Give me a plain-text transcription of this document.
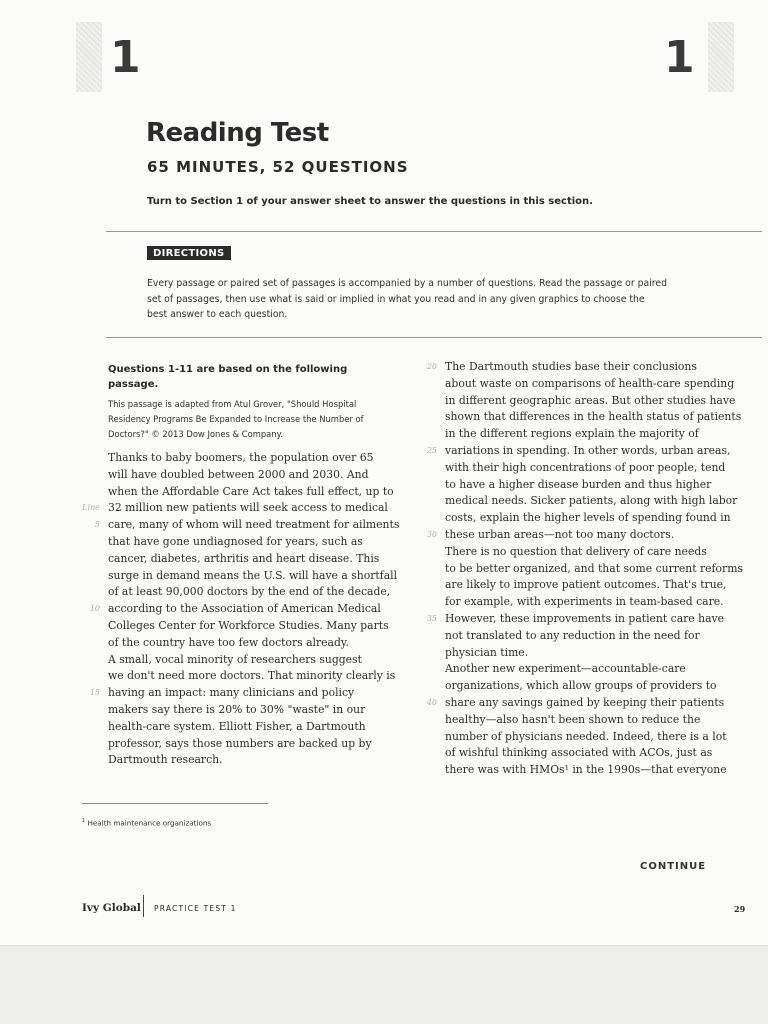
1	1
Reading Test
65 MINUTES, 52 QUESTIONS
Turn to Section 1 of your answer sheet to answer the questions in this section.
DIRECTIONS

Every passage or paired set of passages is accompanied by a number of questions. Read the passage or paired set of passages, then use what is said or implied in what you read and in any given graphics to choose the best answer to each question.

Questions 1-11 are based on the following passage.
This passage is adapted from Atul Grover, "Should Hospital Residency Programs Be Expanded to Increase the Number of Doctors?" © 2013 Dow Jones & Company.
Thanks to baby boomers, the population over 65
will have doubled between 2000 and 2030. And
when the Affordable Care Act takes full effect, up to
Line 32 million new patients will seek access to medical
5 care, many of whom will need treatment for ailments
that have gone undiagnosed for years, such as
cancer, diabetes, arthritis and heart disease. This
surge in demand means the U.S. will have a shortfall
of at least 90,000 doctors by the end of the decade,
10 according to the Association of American Medical
Colleges Center for Workforce Studies. Many parts
of the country have too few doctors already.
A small, vocal minority of researchers suggest
we don't need more doctors. That minority clearly is
15 having an impact: many clinicians and policy
makers say there is 20% to 30% "waste" in our
health-care system. Elliott Fisher, a Dartmouth
professor, says those numbers are backed up by
Dartmouth research.
20 The Dartmouth studies base their conclusions
about waste on comparisons of health-care spending
in different geographic areas. But other studies have
shown that differences in the health status of patients
in the different regions explain the majority of
25 variations in spending. In other words, urban areas,
with their high concentrations of poor people, tend
to have a higher disease burden and thus higher
medical needs. Sicker patients, along with high labor
costs, explain the higher levels of spending found in
30 these urban areas—not too many doctors.
There is no question that delivery of care needs
to be better organized, and that some current reforms
are likely to improve patient outcomes. That's true,
for example, with experiments in team-based care.
35 However, these improvements in patient care have
not translated to any reduction in the need for
physician time.
Another new experiment—accountable-care
organizations, which allow groups of providers to
40 share any savings gained by keeping their patients
healthy—also hasn't been shown to reduce the
number of physicians needed. Indeed, there is a lot
of wishful thinking associated with ACOs, just as
there was with HMOs¹ in the 1990s—that everyone
$^1$ Health maintenance organizations
CONTINUE
Ivy Global PRACTICE TEST 1	29
